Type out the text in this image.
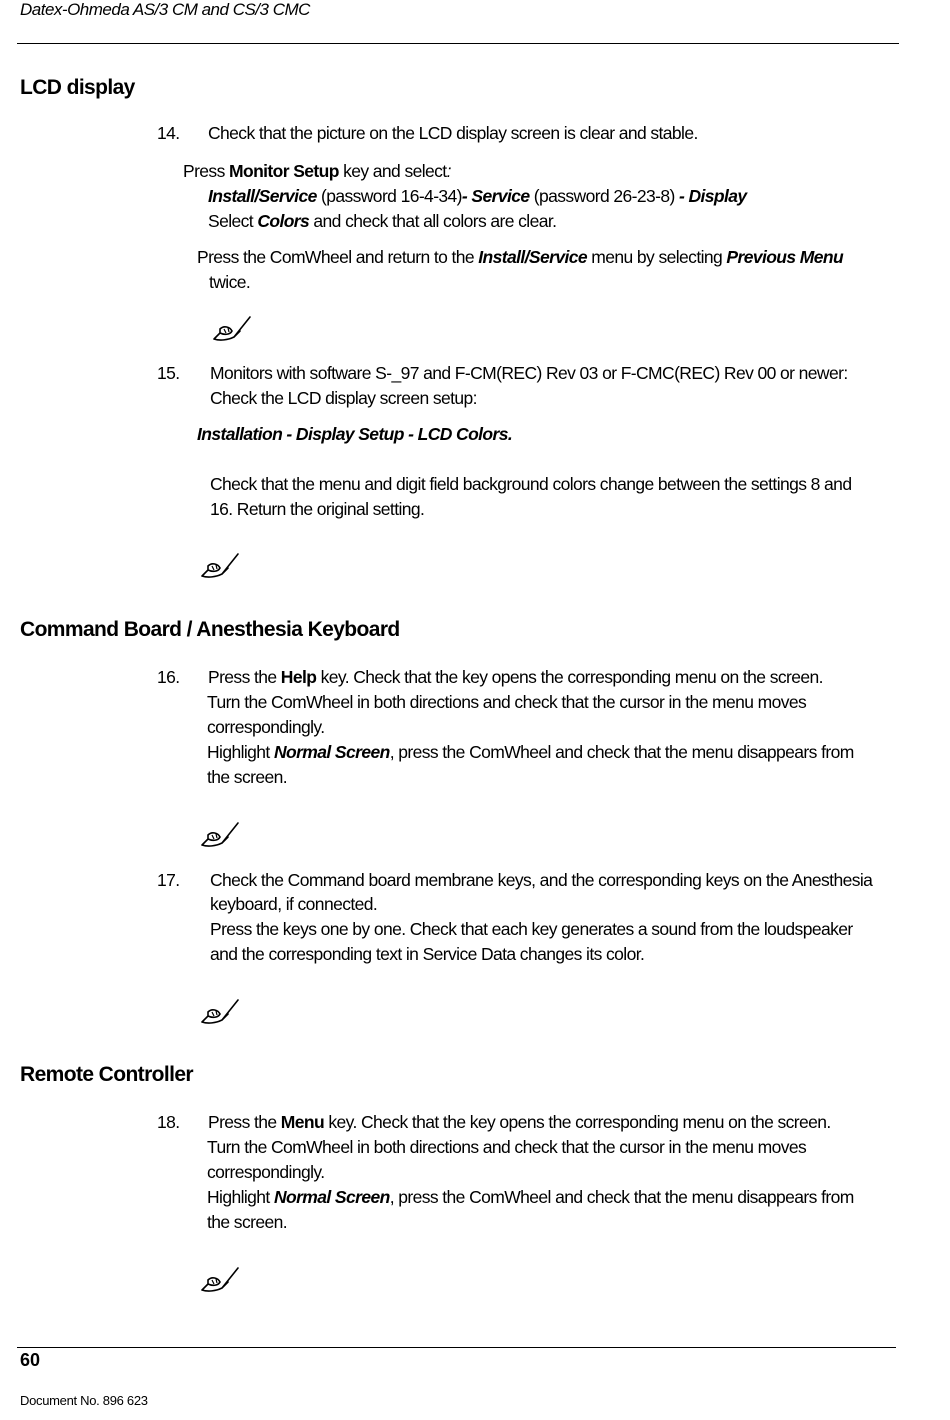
Datex-Ohmeda AS/3 CM and CS/3 CMC
LCD display
14. Check that the picture on the LCD display screen is clear and stable.
Press Monitor Setup key and select:
Install/Service (password 16-4-34)- Service (password 26-23-8) - Display
Select Colors and check that all colors are clear.
Press the ComWheel and return to the Install/Service menu by selecting Previous Menu
twice.
15. Monitors with software S-_97 and F-CM(REC) Rev 03 or F-CMC(REC) Rev 00 or newer:
Check the LCD display screen setup:
Installation - Display Setup - LCD Colors.
Check that the menu and digit field background colors change between the settings 8 and
16. Return the original setting.
Command Board / Anesthesia Keyboard
16. Press the Help key. Check that the key opens the corresponding menu on the screen.
Turn the ComWheel in both directions and check that the cursor in the menu moves
correspondingly.
Highlight Normal Screen, press the ComWheel and check that the menu disappears from
the screen.
17. Check the Command board membrane keys, and the corresponding keys on the Anesthesia
keyboard, if connected.
Press the keys one by one. Check that each key generates a sound from the loudspeaker
and the corresponding text in Service Data changes its color.
Remote Controller
18. Press the Menu key. Check that the key opens the corresponding menu on the screen.
Turn the ComWheel in both directions and check that the cursor in the menu moves
correspondingly.
Highlight Normal Screen, press the ComWheel and check that the menu disappears from
the screen.
60
Document No. 896 623
